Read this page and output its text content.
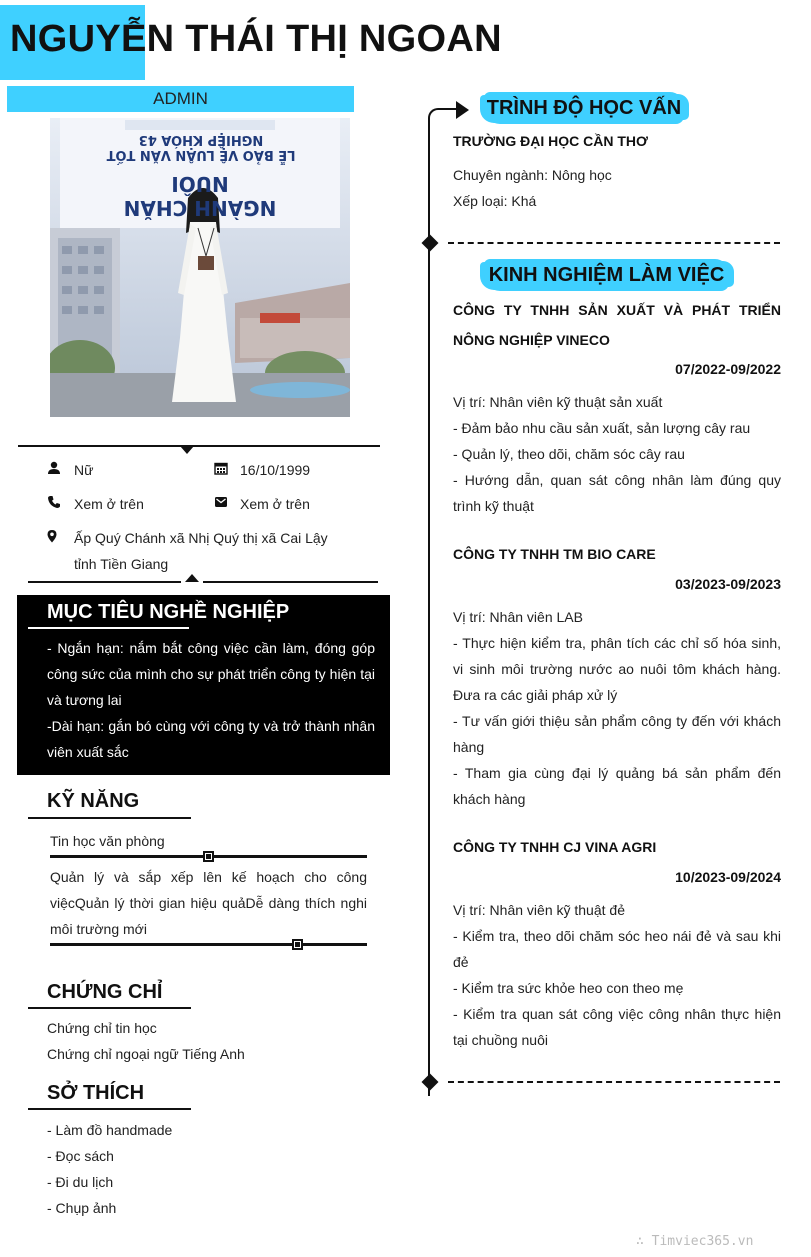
NGUYỄN THÁI THỊ NGOAN
ADMIN
LỄ BẢO VỆ LUẬN VĂN TỐT NGHIỆP KHÓA 43
NGÀNH CHĂN NUÔI
Nữ	16/10/1999
Xem ở trên	Xem ở trên
Ấp Quý Chánh xã Nhị Quý thị xã Cai Lậy
tỉnh Tiền Giang
MỤC TIÊU NGHỀ NGHIỆP
- Ngắn hạn: nắm bắt công việc cần làm, đóng góp công sức của mình cho sự phát triển công ty hiện tại và tương lai
-Dài hạn: gắn bó cùng với công ty và trở thành nhân viên xuất sắc
KỸ NĂNG
Tin học văn phòng
Quản lý và sắp xếp lên kế hoạch cho công việcQuản lý thời gian hiệu quảDễ dàng thích nghi môi trường mới
CHỨNG CHỈ
Chứng chỉ tin học
Chứng chỉ ngoại ngữ Tiếng Anh
SỞ THÍCH
- Làm đồ handmade
- Đọc sách
- Đi du lịch
- Chụp ảnh
TRÌNH ĐỘ HỌC VẤN
TRƯỜNG ĐẠI HỌC CẦN THƠ
Chuyên ngành: Nông học
Xếp loại: Khá
KINH NGHIỆM LÀM VIỆC
CÔNG TY TNHH SẢN XUẤT VÀ PHÁT TRIỂN NÔNG NGHIỆP VINECO
07/2022-09/2022
Vị trí: Nhân viên kỹ thuật sản xuất
- Đảm bảo nhu cầu sản xuất, sản lượng cây rau
- Quản lý, theo dõi, chăm sóc cây rau
- Hướng dẫn, quan sát công nhân làm đúng quy trình kỹ thuật
CÔNG TY TNHH TM BIO CARE
03/2023-09/2023
Vị trí: Nhân viên LAB
- Thực hiện kiểm tra, phân tích các chỉ số hóa sinh, vi sinh môi trường nước ao nuôi tôm khách hàng. Đưa ra các giải pháp xử lý
- Tư vấn giới thiệu sản phẩm công ty đến với khách hàng
- Tham gia cùng đại lý quảng bá sản phẩm đến khách hàng
CÔNG TY TNHH CJ VINA AGRI
10/2023-09/2024
Vị trí: Nhân viên kỹ thuật đẻ
- Kiểm tra, theo dõi chăm sóc heo nái đẻ và sau khi đẻ
- Kiểm tra sức khỏe heo con theo mẹ
- Kiểm tra quan sát công việc công nhân thực hiện tại chuồng nuôi
∴ Timviec365.vn
